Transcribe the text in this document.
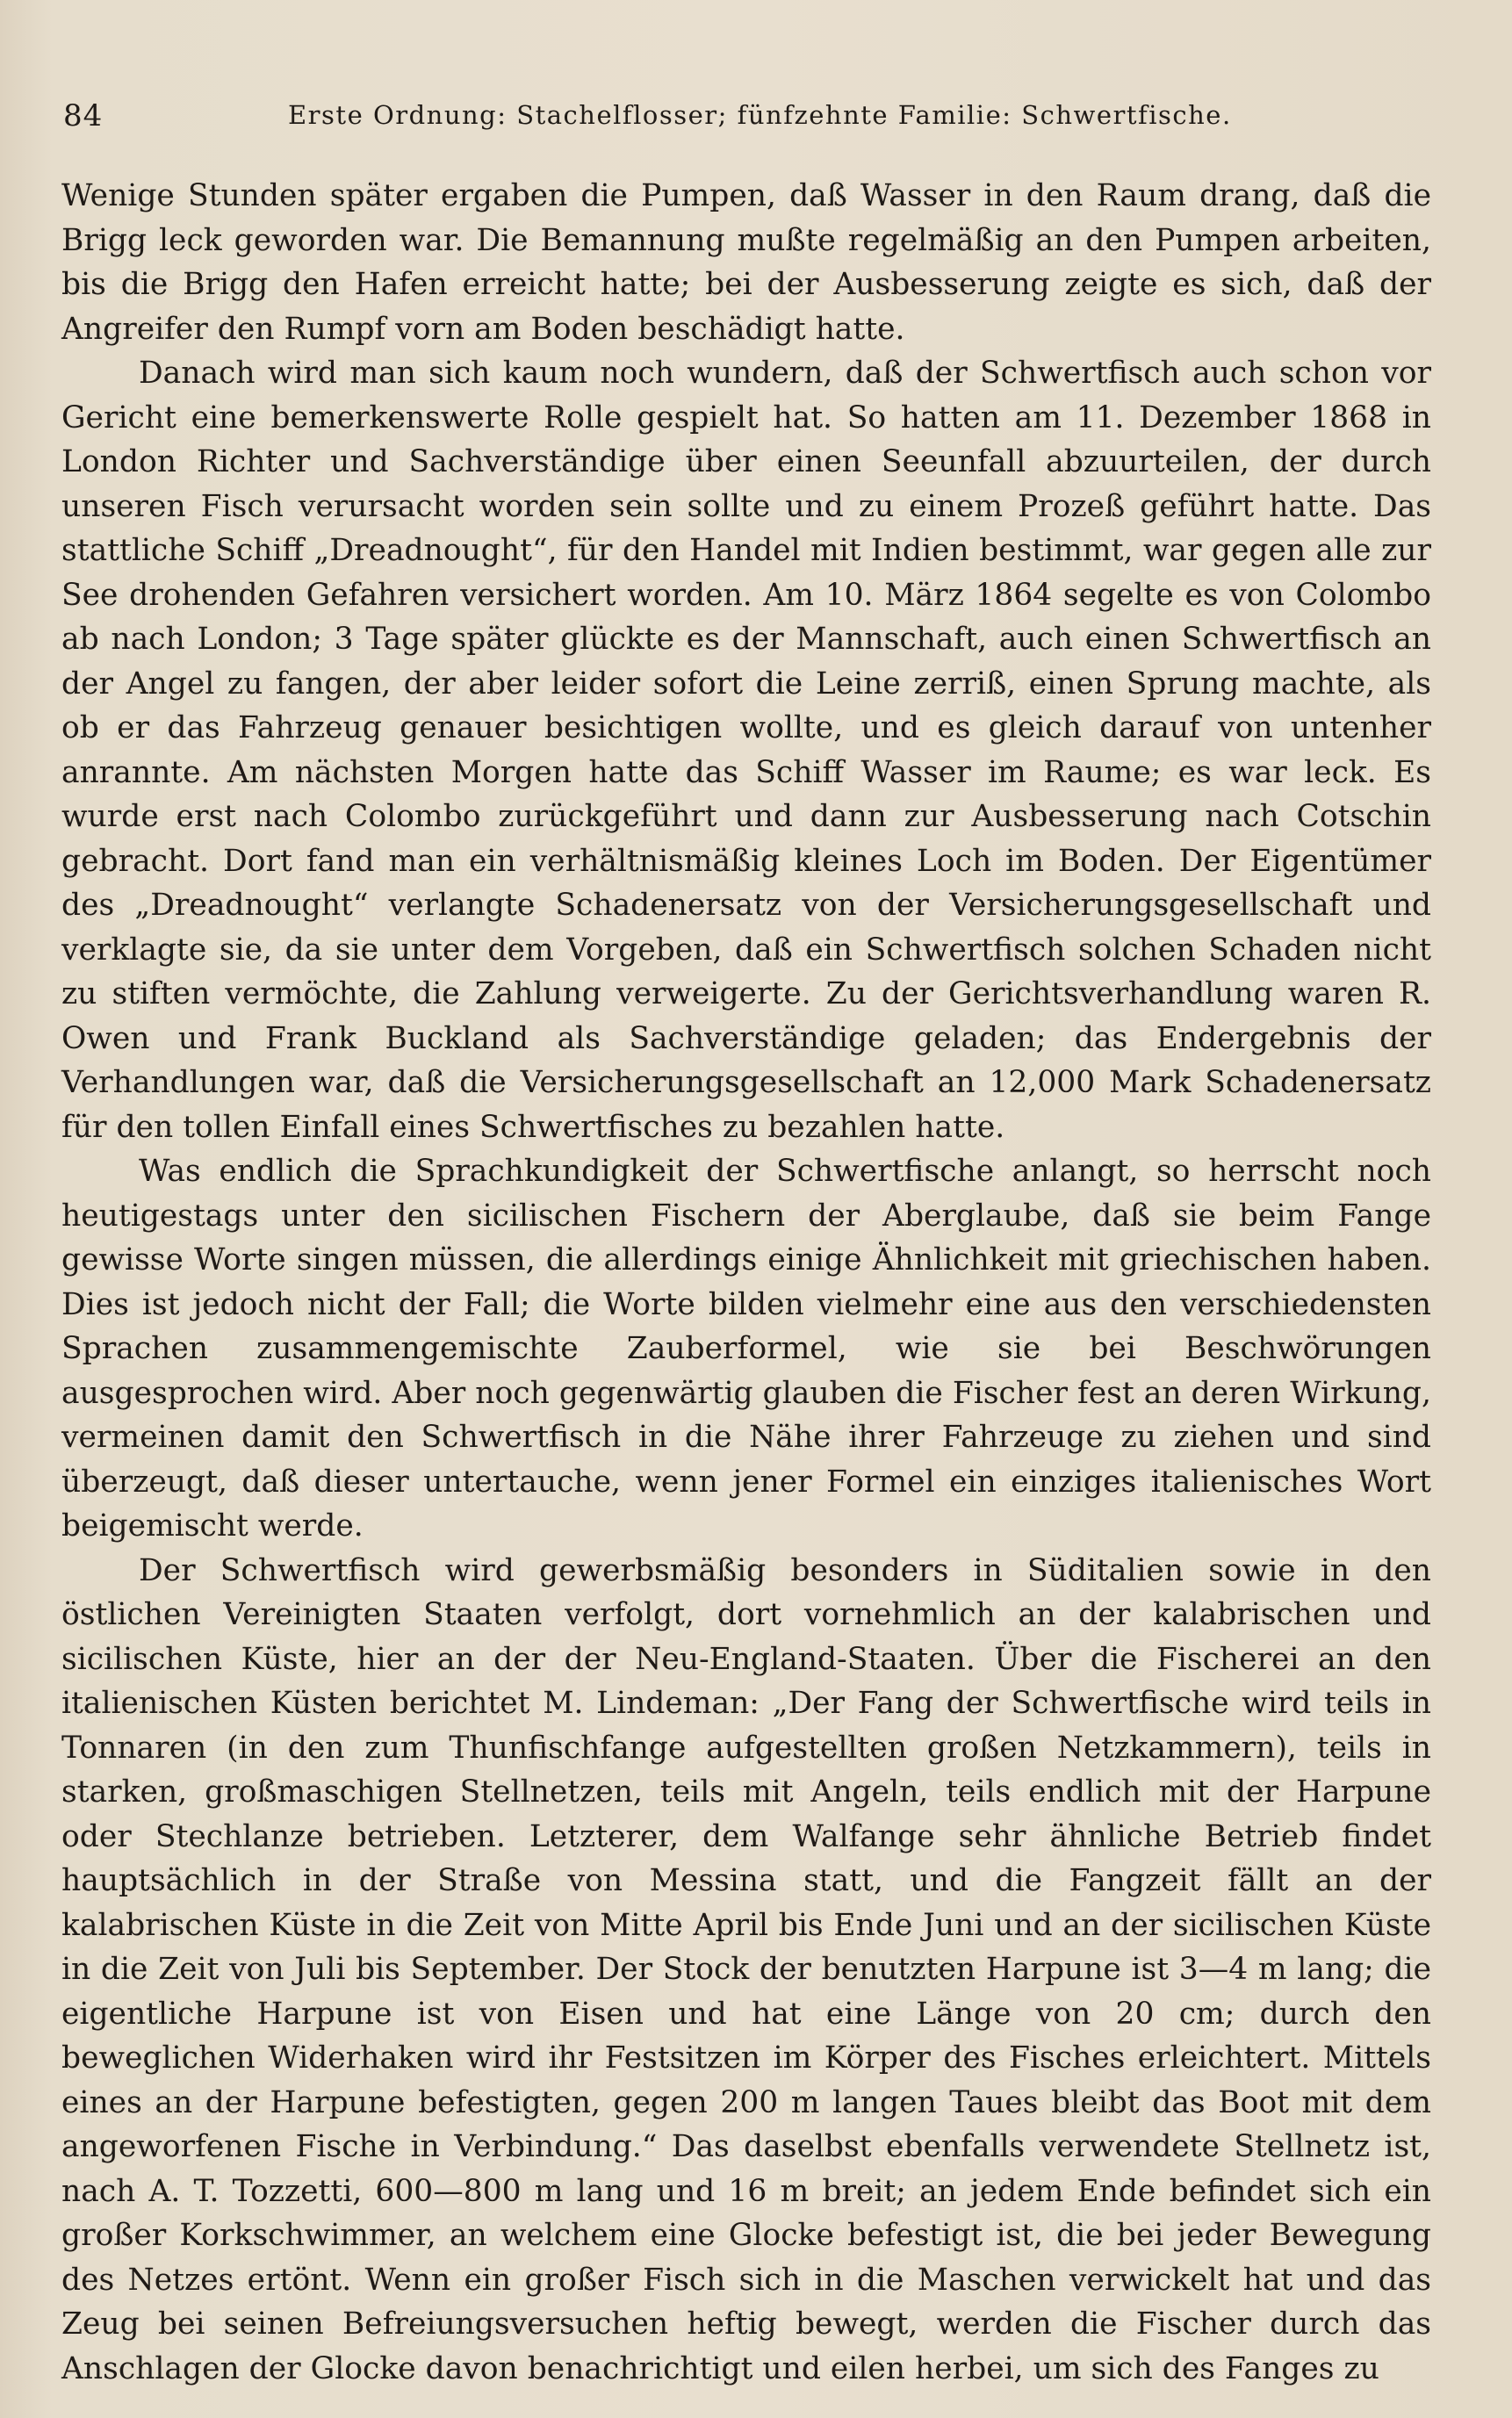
84	Erste Ordnung: Stachelflosser; fünfzehnte Familie: Schwertfische.

Wenige Stunden später ergaben die Pumpen, daß Wasser in den Raum drang, daß die Brigg leck geworden war. Die Bemannung mußte regelmäßig an den Pumpen arbeiten, bis die Brigg den Hafen erreicht hatte; bei der Ausbesserung zeigte es sich, daß der Angreifer den Rumpf vorn am Boden beschädigt hatte.

Danach wird man sich kaum noch wundern, daß der Schwertfisch auch schon vor Gericht eine bemerkenswerte Rolle gespielt hat. So hatten am 11. Dezember 1868 in London Richter und Sachverständige über einen Seeunfall abzuurteilen, der durch unseren Fisch verursacht worden sein sollte und zu einem Prozeß geführt hatte. Das stattliche Schiff „Dreadnought“, für den Handel mit Indien bestimmt, war gegen alle zur See drohenden Gefahren versichert worden. Am 10. März 1864 segelte es von Colombo ab nach London; 3 Tage später glückte es der Mannschaft, auch einen Schwertfisch an der Angel zu fangen, der aber leider sofort die Leine zerriß, einen Sprung machte, als ob er das Fahrzeug genauer besichtigen wollte, und es gleich darauf von untenher anrannte. Am nächsten Morgen hatte das Schiff Wasser im Raume; es war leck. Es wurde erst nach Colombo zurückgeführt und dann zur Ausbesserung nach Cotschin gebracht. Dort fand man ein verhältnismäßig kleines Loch im Boden. Der Eigentümer des „Dreadnought“ verlangte Schadenersatz von der Versicherungsgesellschaft und verklagte sie, da sie unter dem Vorgeben, daß ein Schwertfisch solchen Schaden nicht zu stiften vermöchte, die Zahlung verweigerte. Zu der Gerichtsverhandlung waren R. Owen und Frank Buckland als Sachverständige geladen; das Endergebnis der Verhandlungen war, daß die Versicherungsgesellschaft an 12,000 Mark Schadenersatz für den tollen Einfall eines Schwertfisches zu bezahlen hatte.

Was endlich die Sprachkundigkeit der Schwertfische anlangt, so herrscht noch heutigestags unter den sicilischen Fischern der Aberglaube, daß sie beim Fange gewisse Worte singen müssen, die allerdings einige Ähnlichkeit mit griechischen haben. Dies ist jedoch nicht der Fall; die Worte bilden vielmehr eine aus den verschiedensten Sprachen zusammengemischte Zauberformel, wie sie bei Beschwörungen ausgesprochen wird. Aber noch gegenwärtig glauben die Fischer fest an deren Wirkung, vermeinen damit den Schwertfisch in die Nähe ihrer Fahrzeuge zu ziehen und sind überzeugt, daß dieser untertauche, wenn jener Formel ein einziges italienisches Wort beigemischt werde.

Der Schwertfisch wird gewerbsmäßig besonders in Süditalien sowie in den östlichen Vereinigten Staaten verfolgt, dort vornehmlich an der kalabrischen und sicilischen Küste, hier an der der Neu-England-Staaten. Über die Fischerei an den italienischen Küsten berichtet M. Lindeman: „Der Fang der Schwertfische wird teils in Tonnaren (in den zum Thunfischfange aufgestellten großen Netzkammern), teils in starken, großmaschigen Stellnetzen, teils mit Angeln, teils endlich mit der Harpune oder Stechlanze betrieben. Letzterer, dem Walfange sehr ähnliche Betrieb findet hauptsächlich in der Straße von Messina statt, und die Fangzeit fällt an der kalabrischen Küste in die Zeit von Mitte April bis Ende Juni und an der sicilischen Küste in die Zeit von Juli bis September. Der Stock der benutzten Harpune ist 3—4 m lang; die eigentliche Harpune ist von Eisen und hat eine Länge von 20 cm; durch den beweglichen Widerhaken wird ihr Festsitzen im Körper des Fisches erleichtert. Mittels eines an der Harpune befestigten, gegen 200 m langen Taues bleibt das Boot mit dem angeworfenen Fische in Verbindung.“ Das daselbst ebenfalls verwendete Stellnetz ist, nach A. T. Tozzetti, 600—800 m lang und 16 m breit; an jedem Ende befindet sich ein großer Korkschwimmer, an welchem eine Glocke befestigt ist, die bei jeder Bewegung des Netzes ertönt. Wenn ein großer Fisch sich in die Maschen verwickelt hat und das Zeug bei seinen Befreiungsversuchen heftig bewegt, werden die Fischer durch das Anschlagen der Glocke davon benachrichtigt und eilen herbei, um sich des Fanges zu
